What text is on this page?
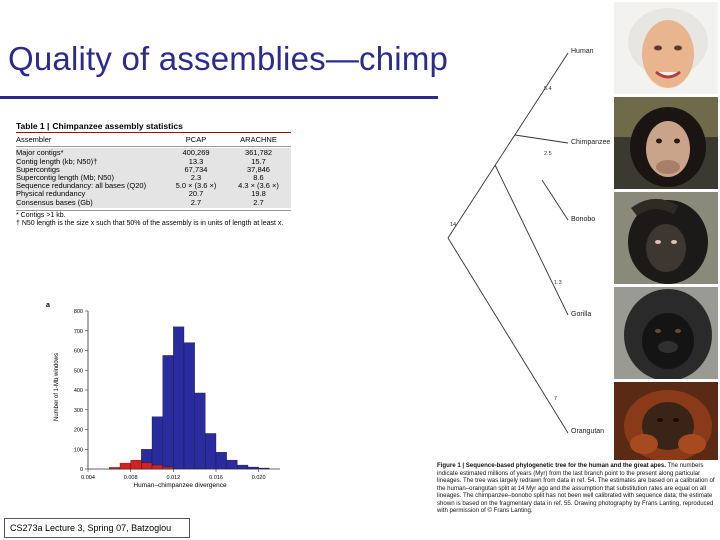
Quality of assemblies—chimp
Table 1 | Chimpanzee assembly statistics
Assembler	PCAP	ARACHNE
Major contigs*	400,269	361,782
Contig length (kb; N50)†	13.3	15.7
Supercontigs	67,734	37,846
Supercontig length (Mb; N50)	2.3	8.6
Sequence redundancy: all bases (Q20)	5.0 × (3.6 ×)	4.3 × (3.6 ×)
Physical redundancy	20.7	19.8
Consensus bases (Gb)	2.7	2.7
* Contigs >1 kb.
† N50 length is the size x such that 50% of the assembly is in units of length at least x.
a
0
100
200
300
400
500
600
700
800
0.004	0.008	0.012	0.016	0.020
Number of 1-Mb windows
Human–chimpanzee divergence
Human
Chimpanzee
Bonobo
Gorilla
Orangutan
5.4
2.5
1.3
7
14
Figure 1 | Sequence-based phylogenetic tree for the human and the great apes. The numbers indicate estimated millions of years (Myr) from the last branch point to the present along particular lineages. The tree was largely redrawn from data in ref. 54. The estimates are based on a calibration of the human–orangutan split at 14 Myr ago and the assumption that substitution rates are equal on all lineages. The chimpanzee–bonobo split has not been well calibrated with sequence data; the estimate shown is based on the fragmentary data in ref. 55. Drawing photography by Frans Lanting, reproduced with permission of © Frans Lanting.
CS273a Lecture 3, Spring 07, Batzoglou
